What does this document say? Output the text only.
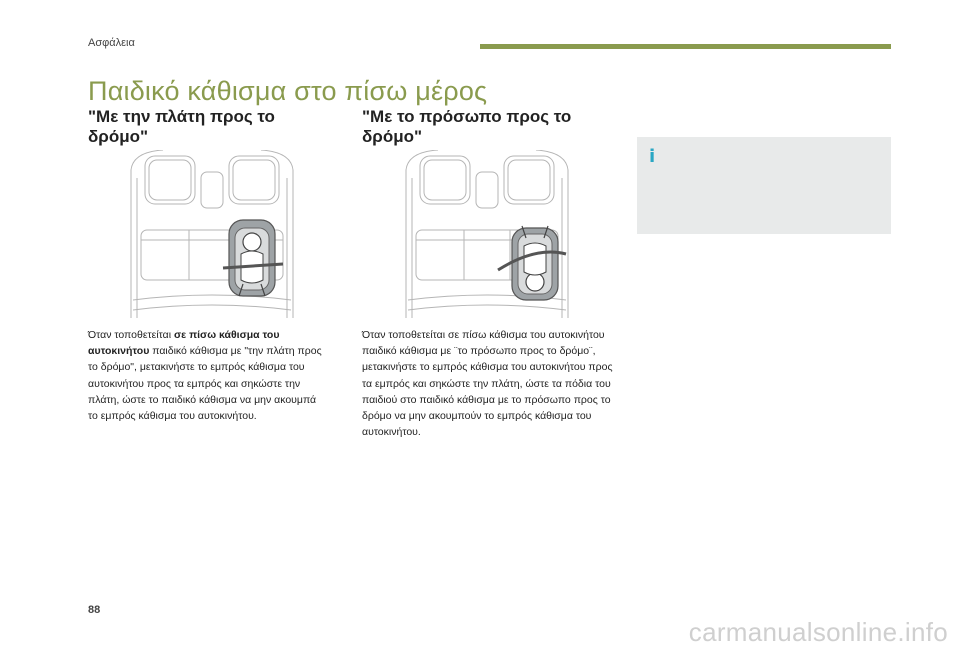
Ασφάλεια
Παιδικό κάθισμα στο πίσω μέρος
"Με την πλάτη προς το δρόμο"
"Με το πρόσωπο προς το δρόμο"

Όταν τοποθετείται σε πίσω κάθισμα του αυτοκινήτου παιδικό κάθισμα με "την πλάτη προς το δρόμο", μετακινήστε το εμπρός κάθισμα του αυτοκινήτου προς τα εμπρός και σηκώστε την πλάτη, ώστε το παιδικό κάθισμα να μην ακουμπά το εμπρός κάθισμα του αυτοκινήτου.

Όταν τοποθετείται σε πίσω κάθισμα του αυτοκινήτου παιδικό κάθισμα με ¨το πρόσωπο προς το δρόμο¨, μετακινήστε το εμπρός κάθισμα του αυτοκινήτου προς τα εμπρός και σηκώστε την πλάτη, ώστε τα πόδια του παιδιού στο παιδικό κάθισμα με το πρόσωπο προς το δρόμο να μην ακουμπούν το εμπρός κάθισμα του αυτοκινήτου.

i
88
carmanualsonline.info
